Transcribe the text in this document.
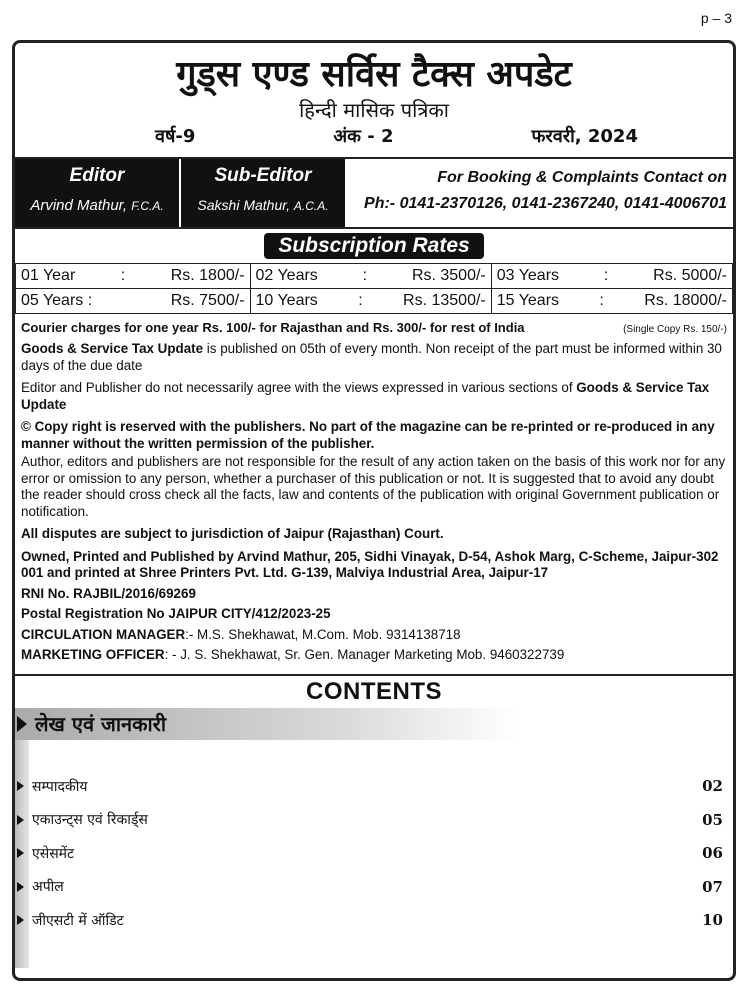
p – 3
गुड्स एण्ड सर्विस टैक्स अपडेट
हिन्दी मासिक पत्रिका
वर्ष-9	अंक - 2	फरवरी, 2024
Editor
Arvind Mathur, F.C.A.
Sub-Editor
Sakshi Mathur, A.C.A.
For Booking & Complaints Contact on
Ph:- 0141-2370126, 0141-2367240, 0141-4006701
Subscription Rates
01 Year : Rs. 1800/-	02 Years : Rs. 3500/-	03 Years : Rs. 5000/-

05 Years : Rs. 7500/-	10 Years : Rs. 13500/-	15 Years : Rs. 18000/-
Courier charges for one year Rs. 100/- for Rajasthan and Rs. 300/- for rest of India	(Single Copy Rs. 150/-)
Goods & Service Tax Update is published on 05th of every month. Non receipt of the part must be informed within 30 days of the due date
Editor and Publisher do not necessarily agree with the views expressed in various sections of Goods & Service Tax Update
© Copy right is reserved with the publishers. No part of the magazine can be re-printed or re-produced in any manner without the written permission of the publisher.
Author, editors and publishers are not responsible for the result of any action taken on the basis of this work nor for any error or omission to any person, whether a purchaser of this publication or not. It is suggested that to avoid any doubt the reader should cross check all the facts, law and contents of the publication with original Government publication or notification.
All disputes are subject to jurisdiction of Jaipur (Rajasthan) Court.
Owned, Printed and Published by Arvind Mathur, 205, Sidhi Vinayak, D-54, Ashok Marg, C-Scheme, Jaipur-302 001 and printed at Shree Printers Pvt. Ltd. G-139, Malviya Industrial Area, Jaipur-17
RNI No. RAJBIL/2016/69269
Postal Registration No JAIPUR CITY/412/2023-25
CIRCULATION MANAGER:- M.S. Shekhawat, M.Com. Mob. 9314138718
MARKETING OFFICER: - J. S. Shekhawat, Sr. Gen. Manager Marketing Mob. 9460322739
CONTENTS
लेख एवं जानकारी
सम्पादकीय	02
एकाउन्ट्स एवं रिकार्ड्स	05
एसेसमेंट	06
अपील	07
जीएसटी में ऑडिट	10
